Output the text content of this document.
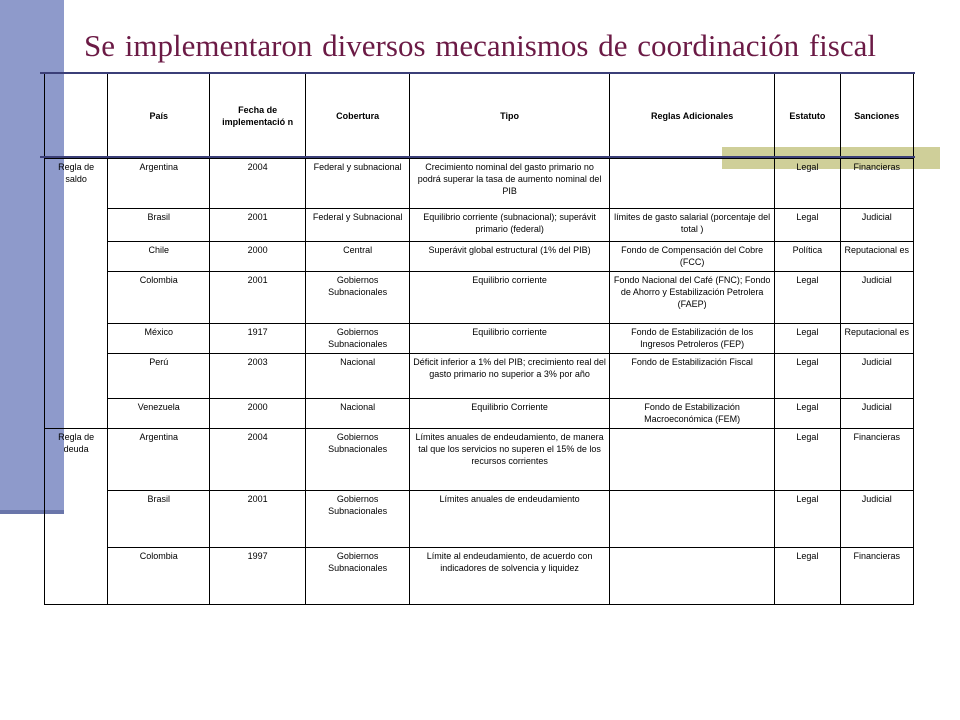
Se implementaron diversos mecanismos de coordinación fiscal
	País	Fecha de implementació n	Cobertura	Tipo	Reglas Adicionales	Estatuto	Sanciones
Regla de saldo	Argentina	2004	Federal y subnacional	Crecimiento nominal del gasto primario no podrá superar la tasa de aumento nominal del PIB		Legal	Financieras
	Brasil	2001	Federal y Subnacional	Equilibrio corriente (subnacional); superávit primario (federal)	límites de gasto salarial (porcentaje del total )	Legal	Judicial
	Chile	2000	Central	Superávit global estructural (1% del PIB)	Fondo de Compensación del Cobre (FCC)	Política	Reputacional es
	Colombia	2001	Gobiernos Subnacionales	Equilibrio corriente	Fondo Nacional del Café (FNC); Fondo de Ahorro y Estabilización Petrolera (FAEP)	Legal	Judicial
	México	1917	Gobiernos Subnacionales	Equilibrio corriente	Fondo de Estabilización de los Ingresos Petroleros (FEP)	Legal	Reputacional es
	Perú	2003	Nacional	Déficit inferior a 1% del PIB; crecimiento real del gasto primario no superior a 3% por año	Fondo de Estabilización Fiscal	Legal	Judicial
	Venezuela	2000	Nacional	Equilibrio Corriente	Fondo de Estabilización Macroeconómica (FEM)	Legal	Judicial
Regla de deuda	Argentina	2004	Gobiernos Subnacionales	Límites anuales de endeudamiento, de manera tal que los servicios no superen el 15% de los recursos corrientes		Legal	Financieras
	Brasil	2001	Gobiernos Subnacionales	Límites anuales de endeudamiento		Legal	Judicial
	Colombia	1997	Gobiernos Subnacionales	Límite al endeudamiento, de acuerdo con indicadores de solvencia y liquidez		Legal	Financieras
